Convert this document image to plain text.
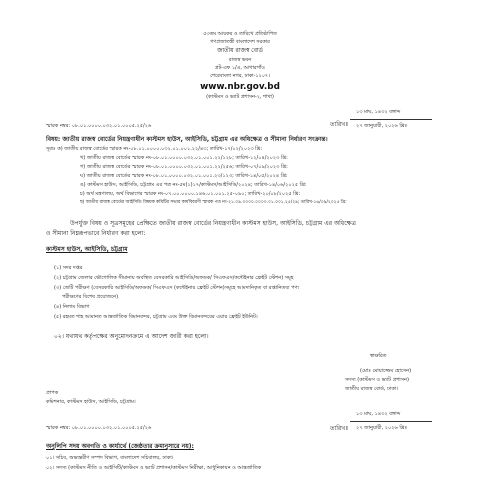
৫৩তম আয়কর ও তারিখে প্রতিষ্ঠাপিত
গণপ্রজাতন্ত্রী বাংলাদেশ সরকার
জাতীয় রাজস্ব বোর্ড
রাজস্ব ভবন
প্লট-এফ ১/এ, আগারগাঁও
শেরেবাংলা নগর, ঢাকা-১২০৭।
www.nbr.gov.bd
(কাস্টমস ও ভ্যাট প্রশাসন-২, শাখা)
১৩ মাঘ, ১৪৩২ বঙ্গাব্দ
তারিখঃ ২৭ জানুয়ারী, ২০২৬ খ্রিঃ
স্মারক নম্বর: ০৮.০১.০০০০.০৩২.০১.০০০৫.২৫/২৬
বিষয়: জাতীয় রাজস্ব বোর্ডের নিয়ন্ত্রণাধীন কাস্টমস হাউস, আইসিডি, চট্টগ্রাম এর অধিক্ষেত্র ও সীমানা নির্ধারণ সংক্রান্ত।
সূত্রঃ ক) জাতীয় রাজস্ব বোর্ডের স্মারক নং-০৮.০১.০০০০.০৩২.০১.০০১.২২/৪৩; তারিখ-১৭/০২/২০২৩ খ্রি:
খ) জাতীয় রাজস্ব বোর্ডের স্মারক নং-০৮.০১.০০০০.০৩২.০১.০০১.২২/১২৮; তারিখ-১২/০৪/২০২৩ খ্রি:
গ) জাতীয় রাজস্ব বোর্ডের স্মারক নং-০৮.০১.০০০০.০৩২.০১.০০১.২২/২৫৬; তারিখ-০৭/০৯/২০২৩ খ্রি:
ঘ) জাতীয় রাজস্ব বোর্ডের স্মারক নং-০৮.০১.০০০০.০৩২.০১.০০১.২৩/১২৩; তারিখ-১৪/০৫/২০২৪ খ্রি:
ঙ) কাস্টমস হাউস, আইসিডি, চট্টগ্রাম এর পত্র নং-৫ম(১)১৭/কাস্টমস/আইসিডি/২০২৪; তারিখ-১৪/০৬/২০২৫ খ্রি:
চ) অর্থ মন্ত্রণালয়, অর্থ বিভাগের স্মারক নং-০৭.০০.০০০০.১৪৬.০১.০০১.২৫-০৯০; তারিখ-২০/০৮/২০২৫ খ্রি:
ছ) জাতীয় রাজস্ব বোর্ডের আইসিডি বিষয়ক কমিটির সভার কার্যবিবরণী স্মারক পত্র নং-২১.০৯.০০০০.০০০০.০১.০০১.২৫/২৯; তারিখ-১৬/০৯/২০২৫ খ্রি:
উপর্যুক্ত বিষয় ও সূত্রসমূহের প্রেক্ষিতে জাতীয় রাজস্ব বোর্ডের নিয়ন্ত্রণাধীন কাস্টমস হাউস, আইসিডি, চট্টগ্রাম এর অধিক্ষেত্র
ও সীমানা নিম্নরূপভাবে নির্ধারণ করা হলো:
কাস্টমস হাউস, আইসিডি, চট্টগ্রাম
(১) সদর দপ্তর
(২) চট্টগ্রাম জেলার ভৌগোলিক সীমানায় অবস্থিত বেসরকারি আইসিডি/অফডক/ সিএফএস/কন্টেইনার ফ্রেইট স্টেশন) সমূহ
(৩) জেটি পরীক্ষণ (বেসরকারি আইসিডি/অফডক/ সিএফএস (কন্টেইনার ফ্রেইট স্টেশন)সমূহে আমদানিকৃত বা রপ্তানিতব্য পণ্য
পরীক্ষণের বিশেষ প্রয়োজনে)
(৪) নিলাম বিভাগ
(৫) রহমত শাহ আমানত আন্তর্জাতিক বিমানবন্দর, চট্টগ্রাম এবং উক্ত বিমানবন্দরের এয়ার ফ্রেইট ইউনিট।
০২। যথাযথ কর্তৃপক্ষের অনুমোদনক্রমে এ আদেশ জারী করা হলো।
স্বাক্ষরিত
(মোঃ মোয়াজ্জেম হোসেন)
সদস্য (কাস্টমস ও ভ্যাট প্রশাসন)
জাতীয় রাজস্ব বোর্ড, ঢাকা।
প্রাপক
কমিশনার, কাস্টমস হাউস, আইসিডি, চট্টগ্রাম।
১৩ মাঘ, ১৪৩২ বঙ্গাব্দ
স্মারক নম্বর: ০৮.০১.০০০০.০৩২.০১.০০০৫.২৫/২৬	তারিখঃ ২৭ জানুয়ারী, ২০২৬ খ্রিঃ
অনুলিপি সদয় অবগতি ও কার্যার্থে (জেষ্ঠতার ক্রমানুসারে নয়):
০১। সচিব, অভ্যন্তরীণ সম্পদ বিভাগ, বাংলাদেশ সচিবালয়, ঢাকা।
০২। সদস্য (কাস্টমস নীতি ও আইসিটি/কাস্টমস ও ভ্যাট প্রশাসন/কাস্টমস নিরীক্ষা, আধুনিকায়ন ও আন্তর্জাতিক
